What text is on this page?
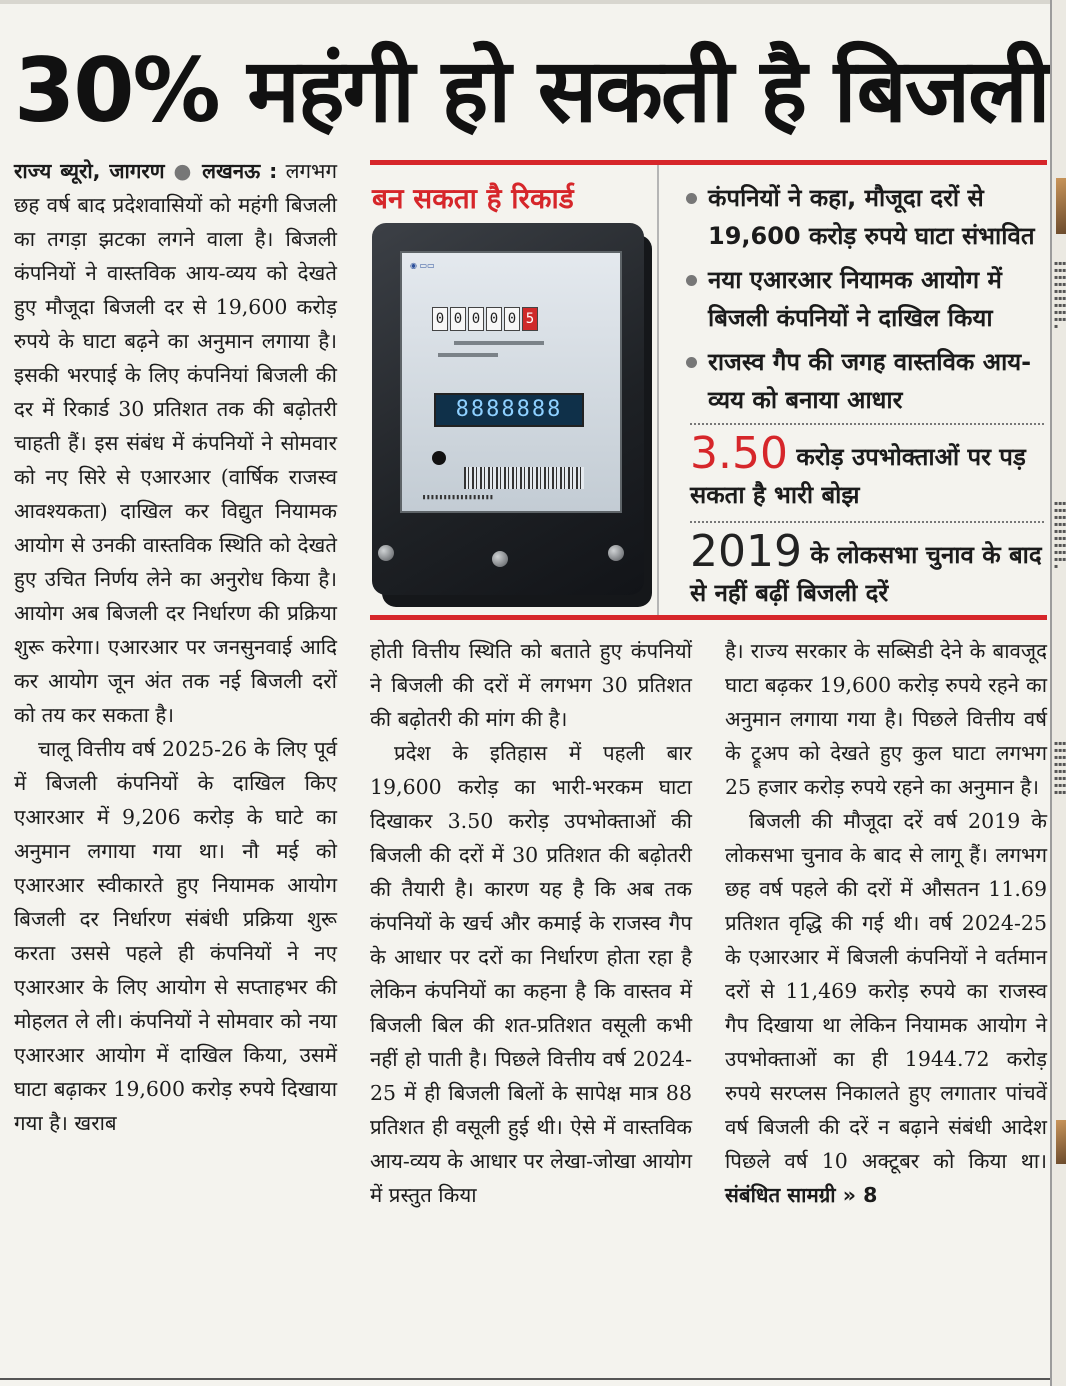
30% महंगी हो सकती है बिजली

राज्य ब्यूरो, जागरण ● लखनऊ : लगभग छह वर्ष बाद प्रदेशवासियों को महंगी बिजली का तगड़ा झटका लगने वाला है। बिजली कंपनियों ने वास्तविक आय-व्यय को देखते हुए मौजूदा बिजली दर से 19,600 करोड़ रुपये के घाटा बढ़ने का अनुमान लगाया है। इसकी भरपाई के लिए कंपनियां बिजली की दर में रिकार्ड 30 प्रतिशत तक की बढ़ोतरी चाहती हैं। इस संबंध में कंपनियों ने सोमवार को नए सिरे से एआरआर (वार्षिक राजस्व आवश्यकता) दाखिल कर विद्युत नियामक आयोग से उनकी वास्तविक स्थिति को देखते हुए उचित निर्णय लेने का अनुरोध किया है। आयोग अब बिजली दर निर्धारण की प्रक्रिया शुरू करेगा। एआरआर पर जनसुनवाई आदि कर आयोग जून अंत तक नई बिजली दरों को तय कर सकता है।

चालू वित्तीय वर्ष 2025-26 के लिए पूर्व में बिजली कंपनियों के दाखिल किए एआरआर में 9,206 करोड़ के घाटे का अनुमान लगाया गया था। नौ मई को एआरआर स्वीकारते हुए नियामक आयोग बिजली दर निर्धारण संबंधी प्रक्रिया शुरू करता उससे पहले ही कंपनियों ने नए एआरआर के लिए आयोग से सप्ताहभर की मोहलत ले ली। कंपनियों ने सोमवार को नया एआरआर आयोग में दाखिल किया, उसमें घाटा बढ़ाकर 19,600 करोड़ रुपये दिखाया गया है। खराब

बन सकता है रिकार्ड
◉ ▭▭
0 0 0 0 0 5
8888888
▮▮▮▮▮▮▮▮▮▮▮▮▮▮▮▮▮
कंपनियों ने कहा, मौजूदा दरों से 19,600 करोड़ रुपये घाटा संभावित
नया एआरआर नियामक आयोग में बिजली कंपनियों ने दाखिल किया
राजस्व गैप की जगह वास्तविक आय-व्यय को बनाया आधार
3.50 करोड़ उपभोक्ताओं पर पड़ सकता है भारी बोझ
2019 के लोकसभा चुनाव के बाद से नहीं बढ़ीं बिजली दरें

होती वित्तीय स्थिति को बताते हुए कंपनियों ने बिजली की दरों में लगभग 30 प्रतिशत की बढ़ोतरी की मांग की है।

प्रदेश के इतिहास में पहली बार 19,600 करोड़ का भारी-भरकम घाटा दिखाकर 3.50 करोड़ उपभोक्ताओं की बिजली की दरों में 30 प्रतिशत की बढ़ोतरी की तैयारी है। कारण यह है कि अब तक कंपनियों के खर्च और कमाई के राजस्व गैप के आधार पर दरों का निर्धारण होता रहा है लेकिन कंपनियों का कहना है कि वास्तव में बिजली बिल की शत-प्रतिशत वसूली कभी नहीं हो पाती है। पिछले वित्तीय वर्ष 2024-25 में ही बिजली बिलों के सापेक्ष मात्र 88 प्रतिशत ही वसूली हुई थी। ऐसे में वास्तविक आय-व्यय के आधार पर लेखा-जोखा आयोग में प्रस्तुत किया

है। राज्य सरकार के सब्सिडी देने के बावजूद घाटा बढ़कर 19,600 करोड़ रुपये रहने का अनुमान लगाया गया है। पिछले वित्तीय वर्ष के ट्रूअप को देखते हुए कुल घाटा लगभग 25 हजार करोड़ रुपये रहने का अनुमान है।

बिजली की मौजूदा दरें वर्ष 2019 के लोकसभा चुनाव के बाद से लागू हैं। लगभग छह वर्ष पहले की दरों में औसतन 11.69 प्रतिशत वृद्धि की गई थी। वर्ष 2024-25 के एआरआर में बिजली कंपनियों ने वर्तमान दरों से 11,469 करोड़ रुपये का राजस्व गैप दिखाया था लेकिन नियामक आयोग ने उपभोक्ताओं का ही 1944.72 करोड़ रुपये सरप्लस निकालते हुए लगातार पांचवें वर्ष बिजली की दरें न बढ़ाने संबंधी आदेश पिछले वर्ष 10 अक्टूबर को किया था। संबंधित सामग्री » 8

▪▪▪▪▪▪▪▪▪▪▪▪▪▪▪▪▪▪▪▪▪▪▪▪▪▪▪▪
▪▪▪▪▪▪▪▪▪▪▪▪▪▪▪▪▪▪▪▪▪▪▪▪▪▪▪▪
▪▪▪▪▪▪▪▪▪▪▪▪▪▪▪▪▪▪▪▪▪▪▪▪
